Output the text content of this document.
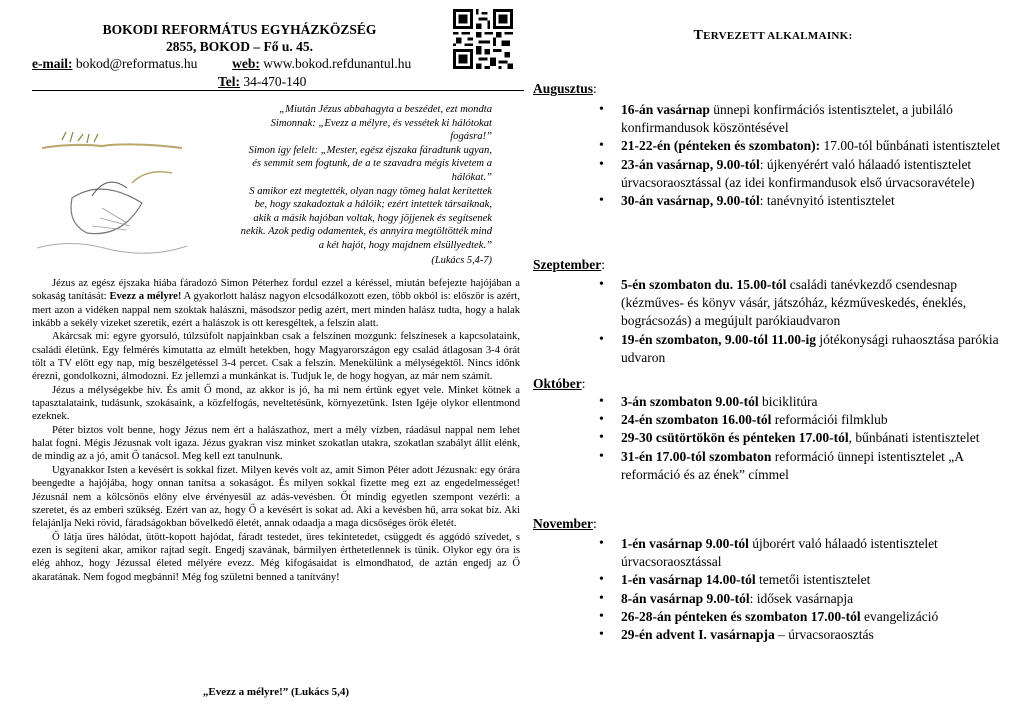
BOKODI REFORMÁTUS EGYHÁZKÖZSÉG
2855, BOKOD – Fő u. 45.
e-mail: bokod@reformatus.hu	web: www.bokod.refdunantul.hu
Tel: 34-470-140
„Miután Jézus abbahagyta a beszédet, ezt mondta
Simonnak: „Evezz a mélyre, és vessétek ki hálótokat
fogásra!”
Simon így felelt: „Mester, egész éjszaka fáradtunk ugyan,
és semmit sem fogtunk, de a te szavadra mégis kivetem a
hálókat.”
S amikor ezt megtették, olyan nagy tömeg halat kerítettek
be, hogy szakadoztak a hálóik; ezért intettek társaiknak,
akik a másik hajóban voltak, hogy jöjjenek és segítsenek
nekik. Azok pedig odamentek, és annyira megtöltötték mind
a két hajót, hogy majdnem elsüllyedtek.”
(Lukács 5,4-7)

Jézus az egész éjszaka hiába fáradozó Simon Péterhez fordul ezzel a kéréssel, miután befejezte hajójában a sokaság tanítását: Evezz a mélyre! A gyakorlott halász nagyon elcsodálkozott ezen, több okból is: először is azért, mert azon a vidéken nappal nem szoktak halászni, másodszor pedig azért, mert minden halász tudta, hogy a halak inkább a sekély vizeket szeretik, ezért a halászok is ott keresgéltek, a felszín alatt.

Akárcsak mi: egyre gyorsuló, túlzsúfolt napjainkban csak a felszínen mozgunk: felszínesek a kapcsolataink, családi életünk. Egy felmérés kimutatta az elmúlt hetekben, hogy Magyarországon egy család átlagosan 3-4 órát tölt a TV előtt egy nap, míg beszélgetéssel 3-4 percet. Csak a felszín. Menekülünk a mélységektől. Nincs időnk érezni, gondolkozni, álmodozni. Ez jellemzi a munkánkat is. Tudjuk le, de hogy hogyan, az már nem számít.

Jézus a mélységekbe hív. És amit Ő mond, az akkor is jó, ha mi nem értünk egyet vele. Minket kötnek a tapasztalataink, tudásunk, szokásaink, a közfelfogás, neveltetésünk, környezetünk. Isten Igéje olykor ellentmond ezeknek.

Péter biztos volt benne, hogy Jézus nem ért a halászathoz, mert a mély vízben, ráadásul nappal nem lehet halat fogni. Mégis Jézusnak volt igaza. Jézus gyakran visz minket szokatlan utakra, szokatlan szabályt állít elénk, de mindig az a jó, amit Ő tanácsol. Meg kell ezt tanulnunk.

Ugyanakkor Isten a kevésért is sokkal fizet. Milyen kevés volt az, amit Simon Péter adott Jézusnak: egy órára beengedte a hajójába, hogy onnan tanítsa a sokaságot. És milyen sokkal fizette meg ezt az engedelmességet! Jézusnál nem a kölcsönös előny elve érvényesül az adás-vevésben. Őt mindig egyetlen szempont vezérli: a szeretet, és az emberi szükség. Ezért van az, hogy Ő a kevésért is sokat ad. Aki a kevésben hű, arra sokat bíz. Aki felajánlja Neki rövid, fáradságokban bővelkedő életét, annak odaadja a maga dicsőséges örök életét.

Ő látja üres hálódat, ütött-kopott hajódat, fáradt testedet, üres tekintetedet, csüggedt és aggódó szívedet, s ezen is segíteni akar, amikor rajtad segít. Engedj szavának, bármilyen érthetetlennek is tűnik. Olykor egy óra is elég ahhoz, hogy Jézussal életed mélyére evezz. Még kifogásaidat is elmondhatod, de aztán engedj az Ő akaratának. Nem fogod megbánni! Még fog születni benned a tanítvány!

„Evezz a mélyre!” (Lukács 5,4)
TERVEZETT ALKALMAINK:
Augusztus:
• 16-án vasárnap ünnepi konfirmációs istentisztelet, a jubiláló konfirmandusok köszöntésével
• 21-22-én (pénteken és szombaton): 17.00-tól bűnbánati istentisztelet
• 23-án vasárnap, 9.00-tól: újkenyérért való hálaadó istentisztelet úrvacsoraosztással (az idei konfirmandusok első úrvacsoravétele)
• 30-án vasárnap, 9.00-tól: tanévnyitó istentisztelet
Szeptember:
• 5-én szombaton du. 15.00-tól családi tanévkezdő csendesnap (kézműves- és könyv vásár, játszóház, kézművesked​és, éneklés, bográcsozás) a megújult parókiaudvaron
• 19-én szombaton, 9.00-tól 11.00-ig jótékonysági ruhaosztása parókia udvaron
Október:
• 3-án szombaton 9.00-tól biciklitúra
• 24-én szombaton 16.00-tól reformációi filmklub
• 29-30 csütörtökön és pénteken 17.00-tól, bűnbánati istentisztelet
• 31-én 17.00-tól szombaton reformáció ünnepi istentisztelet „A reformáció és az ének” címmel
November:
• 1-én vasárnap 9.00-tól újborért való hálaadó istentisztelet úrvacsoraosztással
• 1-én vasárnap 14.00-tól temetői istentisztelet
• 8-án vasárnap 9.00-tól: idősek vasárnapja
• 26-28-án pénteken és szombaton 17.00-tól evangelizáció
• 29-én advent I. vasárnapja – úrvacsoraosztás
